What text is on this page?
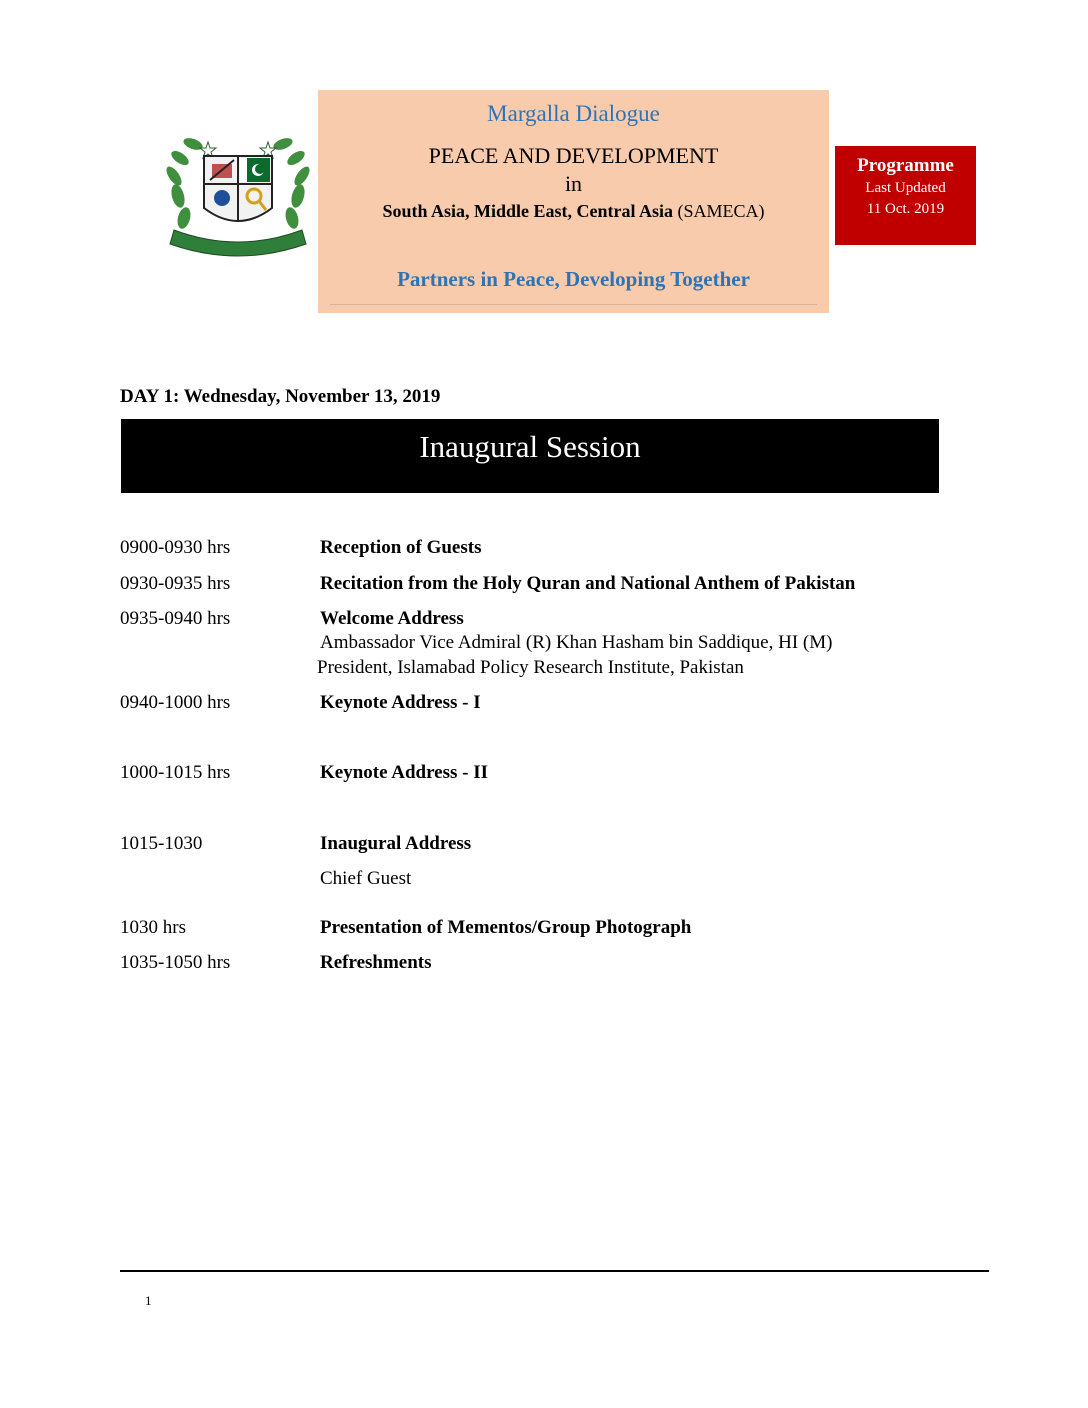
Margalla Dialogue
PEACE AND DEVELOPMENT
in
South Asia, Middle East, Central Asia (SAMECA)
Partners in Peace, Developing Together
Programme
Last Updated
11 Oct. 2019
DAY 1: Wednesday, November 13, 2019
Inaugural Session
0900-0930 hrs	Reception of Guests
0930-0935 hrs	Recitation from the Holy Quran and National Anthem of Pakistan
0935-0940 hrs	Welcome Address
Ambassador Vice Admiral (R) Khan Hasham bin Saddique, HI (M)
President, Islamabad Policy Research Institute, Pakistan
0940-1000 hrs	Keynote Address - I
1000-1015 hrs	Keynote Address - II
1015-1030	Inaugural Address
Chief Guest
1030 hrs	Presentation of Mementos/Group Photograph
1035-1050 hrs	Refreshments
1
